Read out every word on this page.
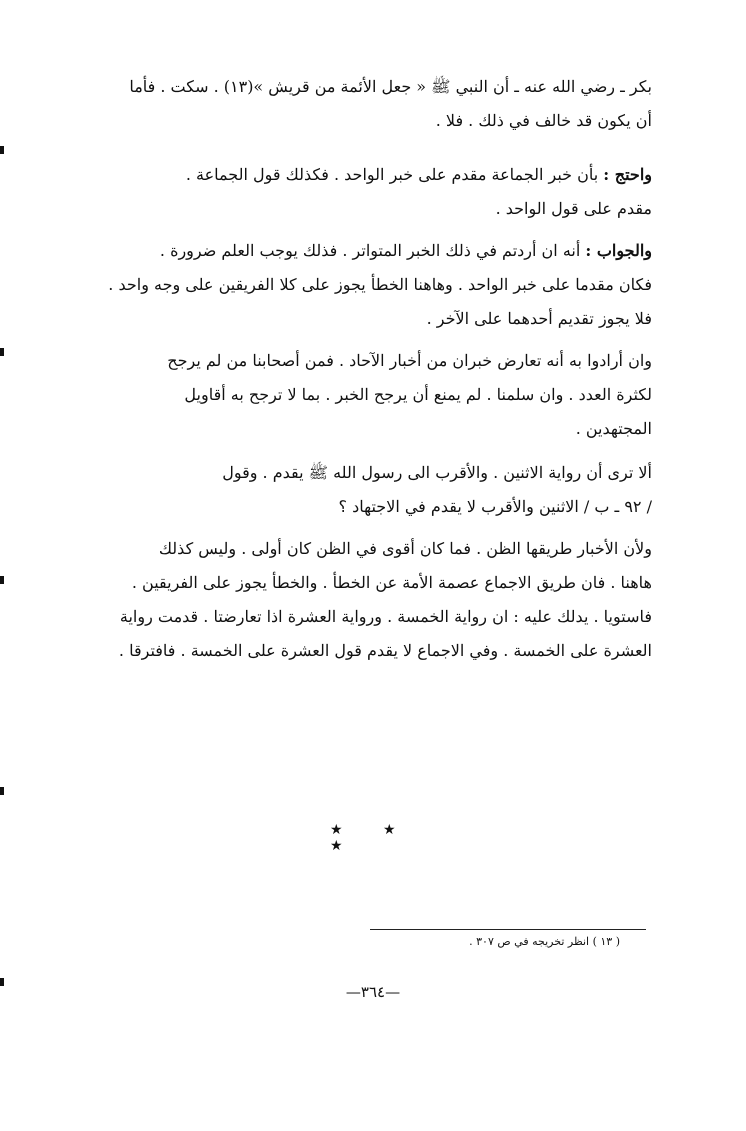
بكر ـ رضي الله عنه ـ أن النبي ﷺ « جعل الأئمة من قريش »(١٣) . سكت . فأما
أن يكون قد خالف في ذلك . فلا .
واحتج : بأن خبر الجماعة مقدم على خبر الواحد . فكذلك قول الجماعة .
مقدم على قول الواحد .
والجواب : أنه ان أردتم في ذلك الخبر المتواتر . فذلك يوجب العلم ضرورة .
فكان مقدما على خبر الواحد . وهاهنا الخطأ يجوز على كلا الفريقين على وجه واحد .
فلا يجوز تقديم أحدهما على الآخر .
وان أرادوا به أنه تعارض خبران من أخبار الآحاد . فمن أصحابنا من لم يرجح
لكثرة العدد . وان سلمنا . لم يمنع أن يرجح الخبر . بما لا ترجح به أقاويل
المجتهدين .
ألا ترى أن رواية الاثنين . والأقرب الى رسول الله ﷺ يقدم . وقول
/ ٩٢ ـ ب / الاثنين والأقرب لا يقدم في الاجتهاد ؟
ولأن الأخبار طريقها الظن . فما كان أقوى في الظن كان أولى . وليس كذلك
هاهنا . فان طريق الاجماع عصمة الأمة عن الخطأ . والخطأ يجوز على الفريقين .
فاستويا . يدلك عليه : ان رواية الخمسة . ورواية العشرة اذا تعارضتا . قدمت رواية
العشرة على الخمسة . وفي الاجماع لا يقدم قول العشرة على الخمسة . فافترقا .
★ ★ ★
( ١٣ ) انظر تخريجه في ص ٣٠٧ .
—٣٦٤—
